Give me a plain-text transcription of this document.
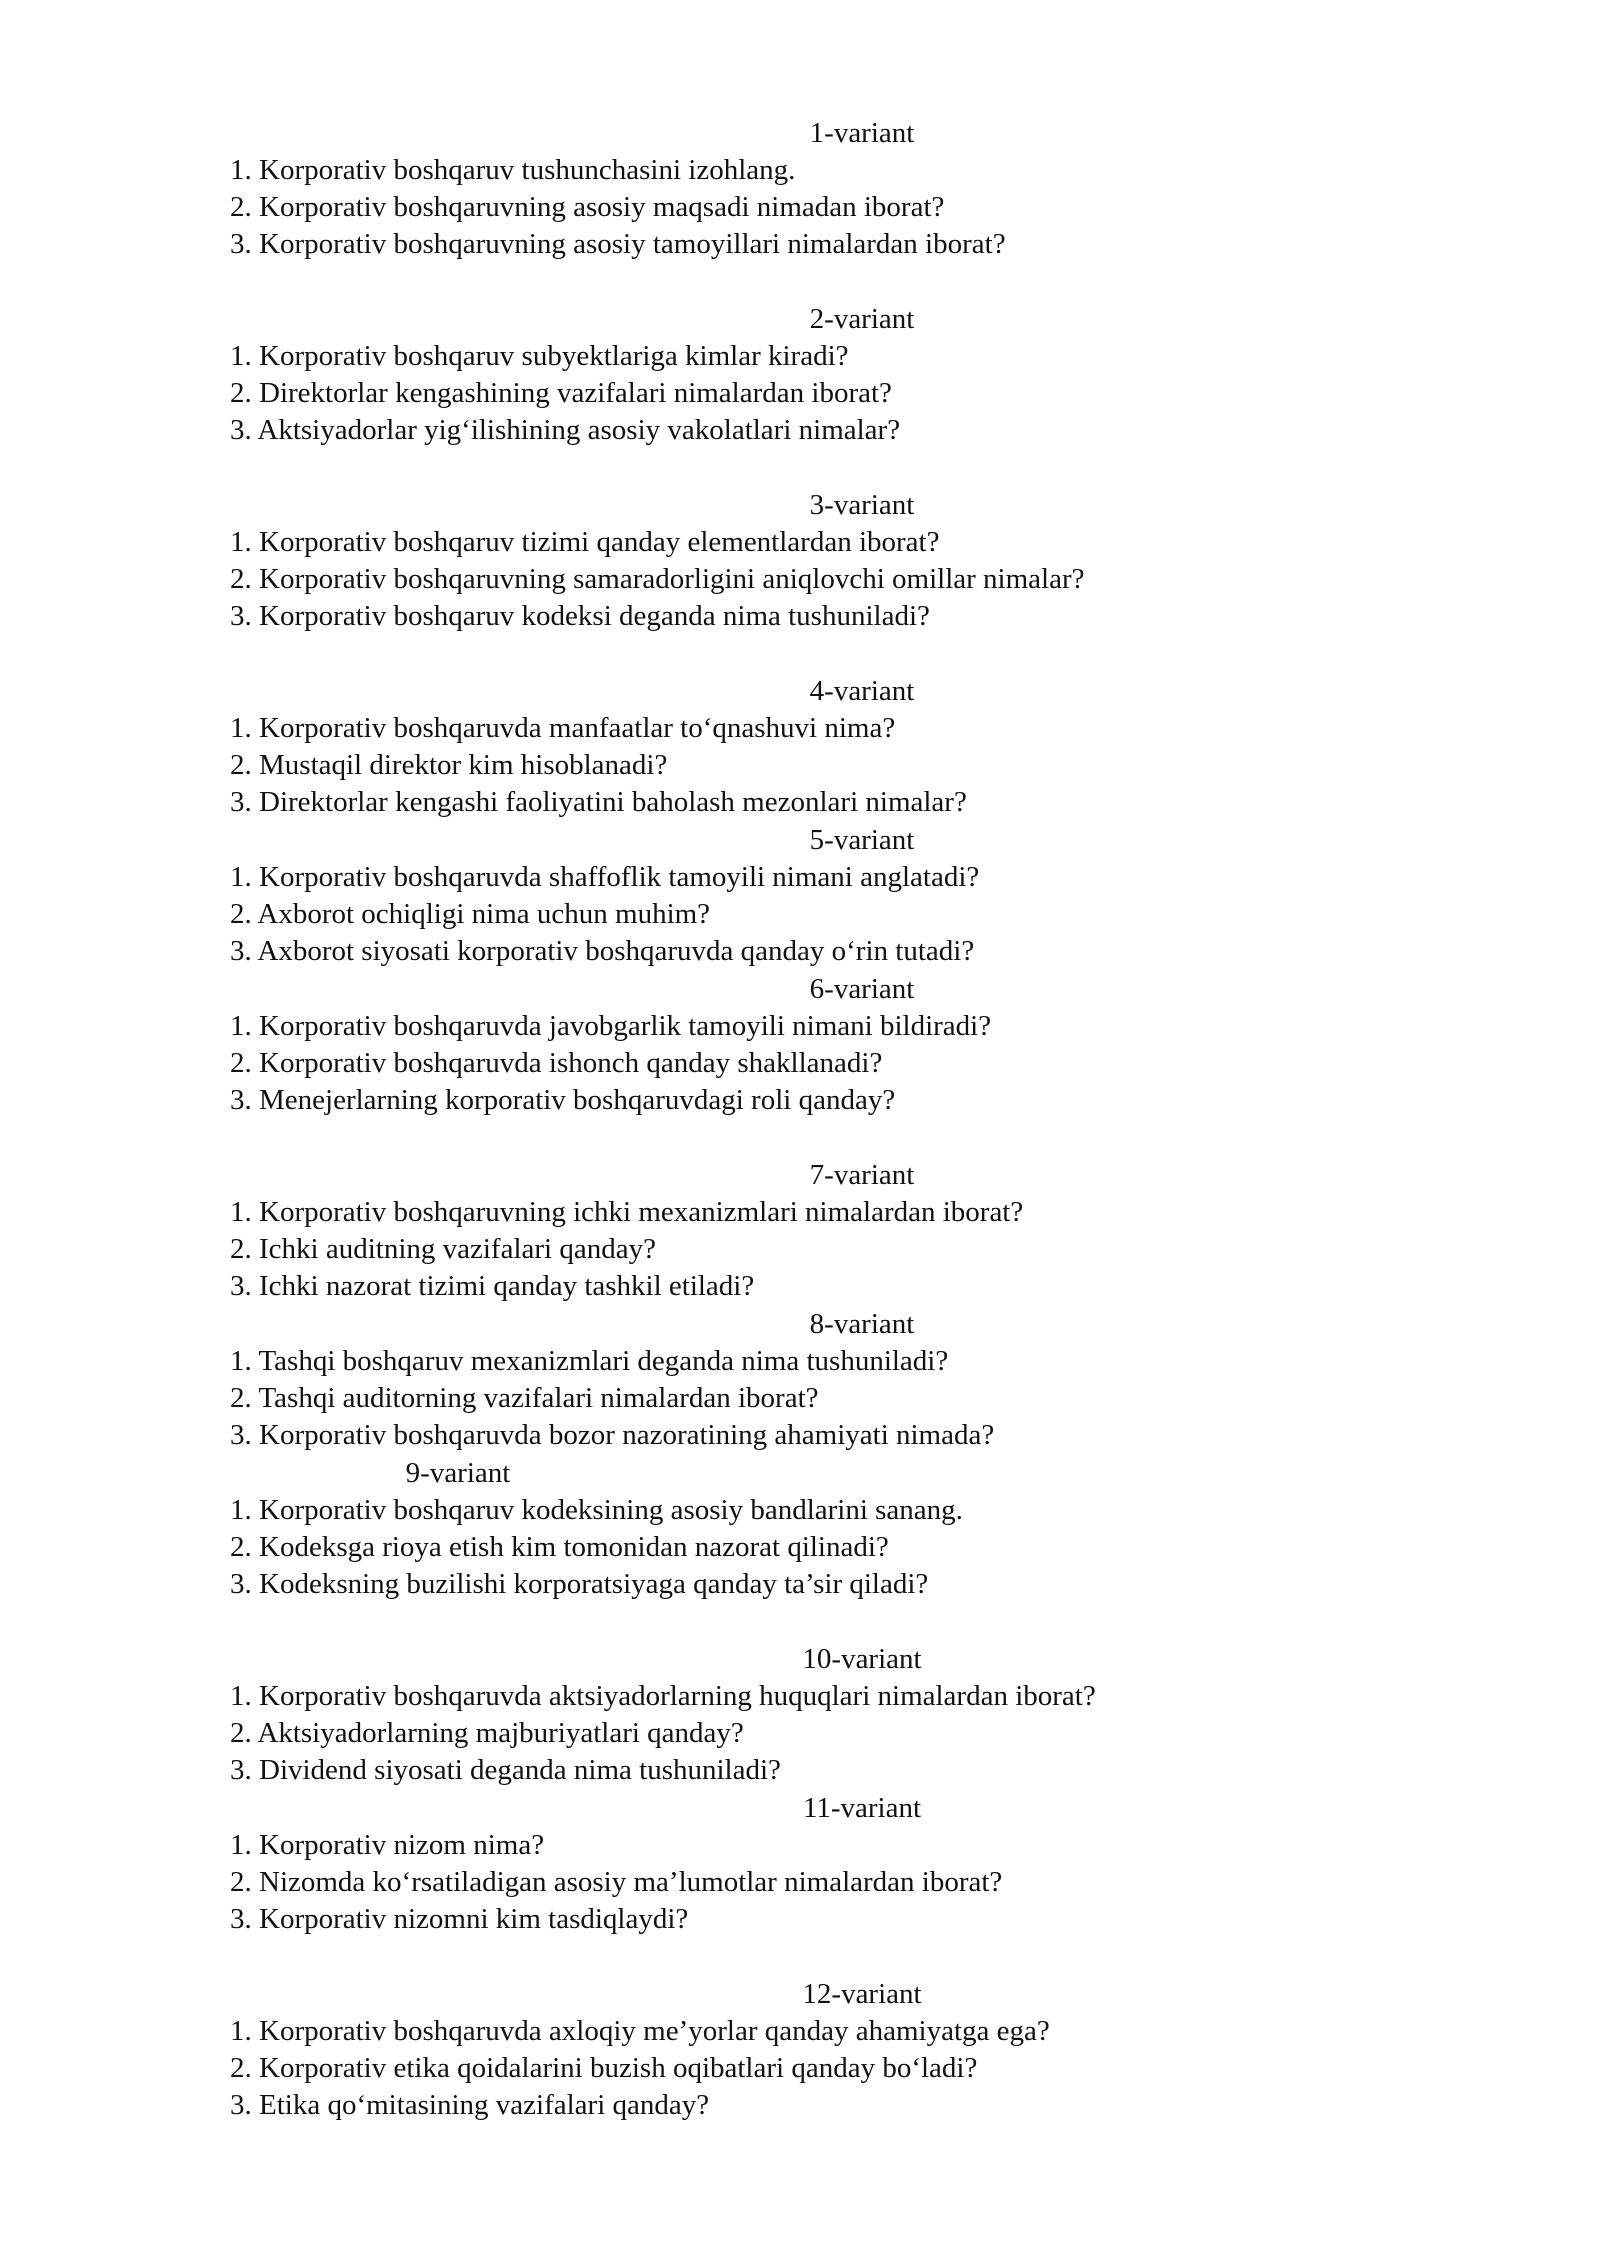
1-variant
1. Korporativ boshqaruv tushunchasini izohlang.
2. Korporativ boshqaruvning asosiy maqsadi nimadan iborat?
3. Korporativ boshqaruvning asosiy tamoyillari nimalardan iborat?
2-variant
1. Korporativ boshqaruv subyektlariga kimlar kiradi?
2. Direktorlar kengashining vazifalari nimalardan iborat?
3. Aktsiyadorlar yig‘ilishining asosiy vakolatlari nimalar?
3-variant
1. Korporativ boshqaruv tizimi qanday elementlardan iborat?
2. Korporativ boshqaruvning samaradorligini aniqlovchi omillar nimalar?
3. Korporativ boshqaruv kodeksi deganda nima tushuniladi?
4-variant
1. Korporativ boshqaruvda manfaatlar to‘qnashuvi nima?
2. Mustaqil direktor kim hisoblanadi?
3. Direktorlar kengashi faoliyatini baholash mezonlari nimalar?
5-variant
1. Korporativ boshqaruvda shaffoflik tamoyili nimani anglatadi?
2. Axborot ochiqligi nima uchun muhim?
3. Axborot siyosati korporativ boshqaruvda qanday o‘rin tutadi?
6-variant
1. Korporativ boshqaruvda javobgarlik tamoyili nimani bildiradi?
2. Korporativ boshqaruvda ishonch qanday shakllanadi?
3. Menejerlarning korporativ boshqaruvdagi roli qanday?
7-variant
1. Korporativ boshqaruvning ichki mexanizmlari nimalardan iborat?
2. Ichki auditning vazifalari qanday?
3. Ichki nazorat tizimi qanday tashkil etiladi?
8-variant
1. Tashqi boshqaruv mexanizmlari deganda nima tushuniladi?
2. Tashqi auditorning vazifalari nimalardan iborat?
3. Korporativ boshqaruvda bozor nazoratining ahamiyati nimada?
9-variant
1. Korporativ boshqaruv kodeksining asosiy bandlarini sanang.
2. Kodeksga rioya etish kim tomonidan nazorat qilinadi?
3. Kodeksning buzilishi korporatsiyaga qanday ta’sir qiladi?
10-variant
1. Korporativ boshqaruvda aktsiyadorlarning huquqlari nimalardan iborat?
2. Aktsiyadorlarning majburiyatlari qanday?
3. Dividend siyosati deganda nima tushuniladi?
11-variant
1. Korporativ nizom nima?
2. Nizomda ko‘rsatiladigan asosiy ma’lumotlar nimalardan iborat?
3. Korporativ nizomni kim tasdiqlaydi?
12-variant
1. Korporativ boshqaruvda axloqiy me’yorlar qanday ahamiyatga ega?
2. Korporativ etika qoidalarini buzish oqibatlari qanday bo‘ladi?
3. Etika qo‘mitasining vazifalari qanday?
